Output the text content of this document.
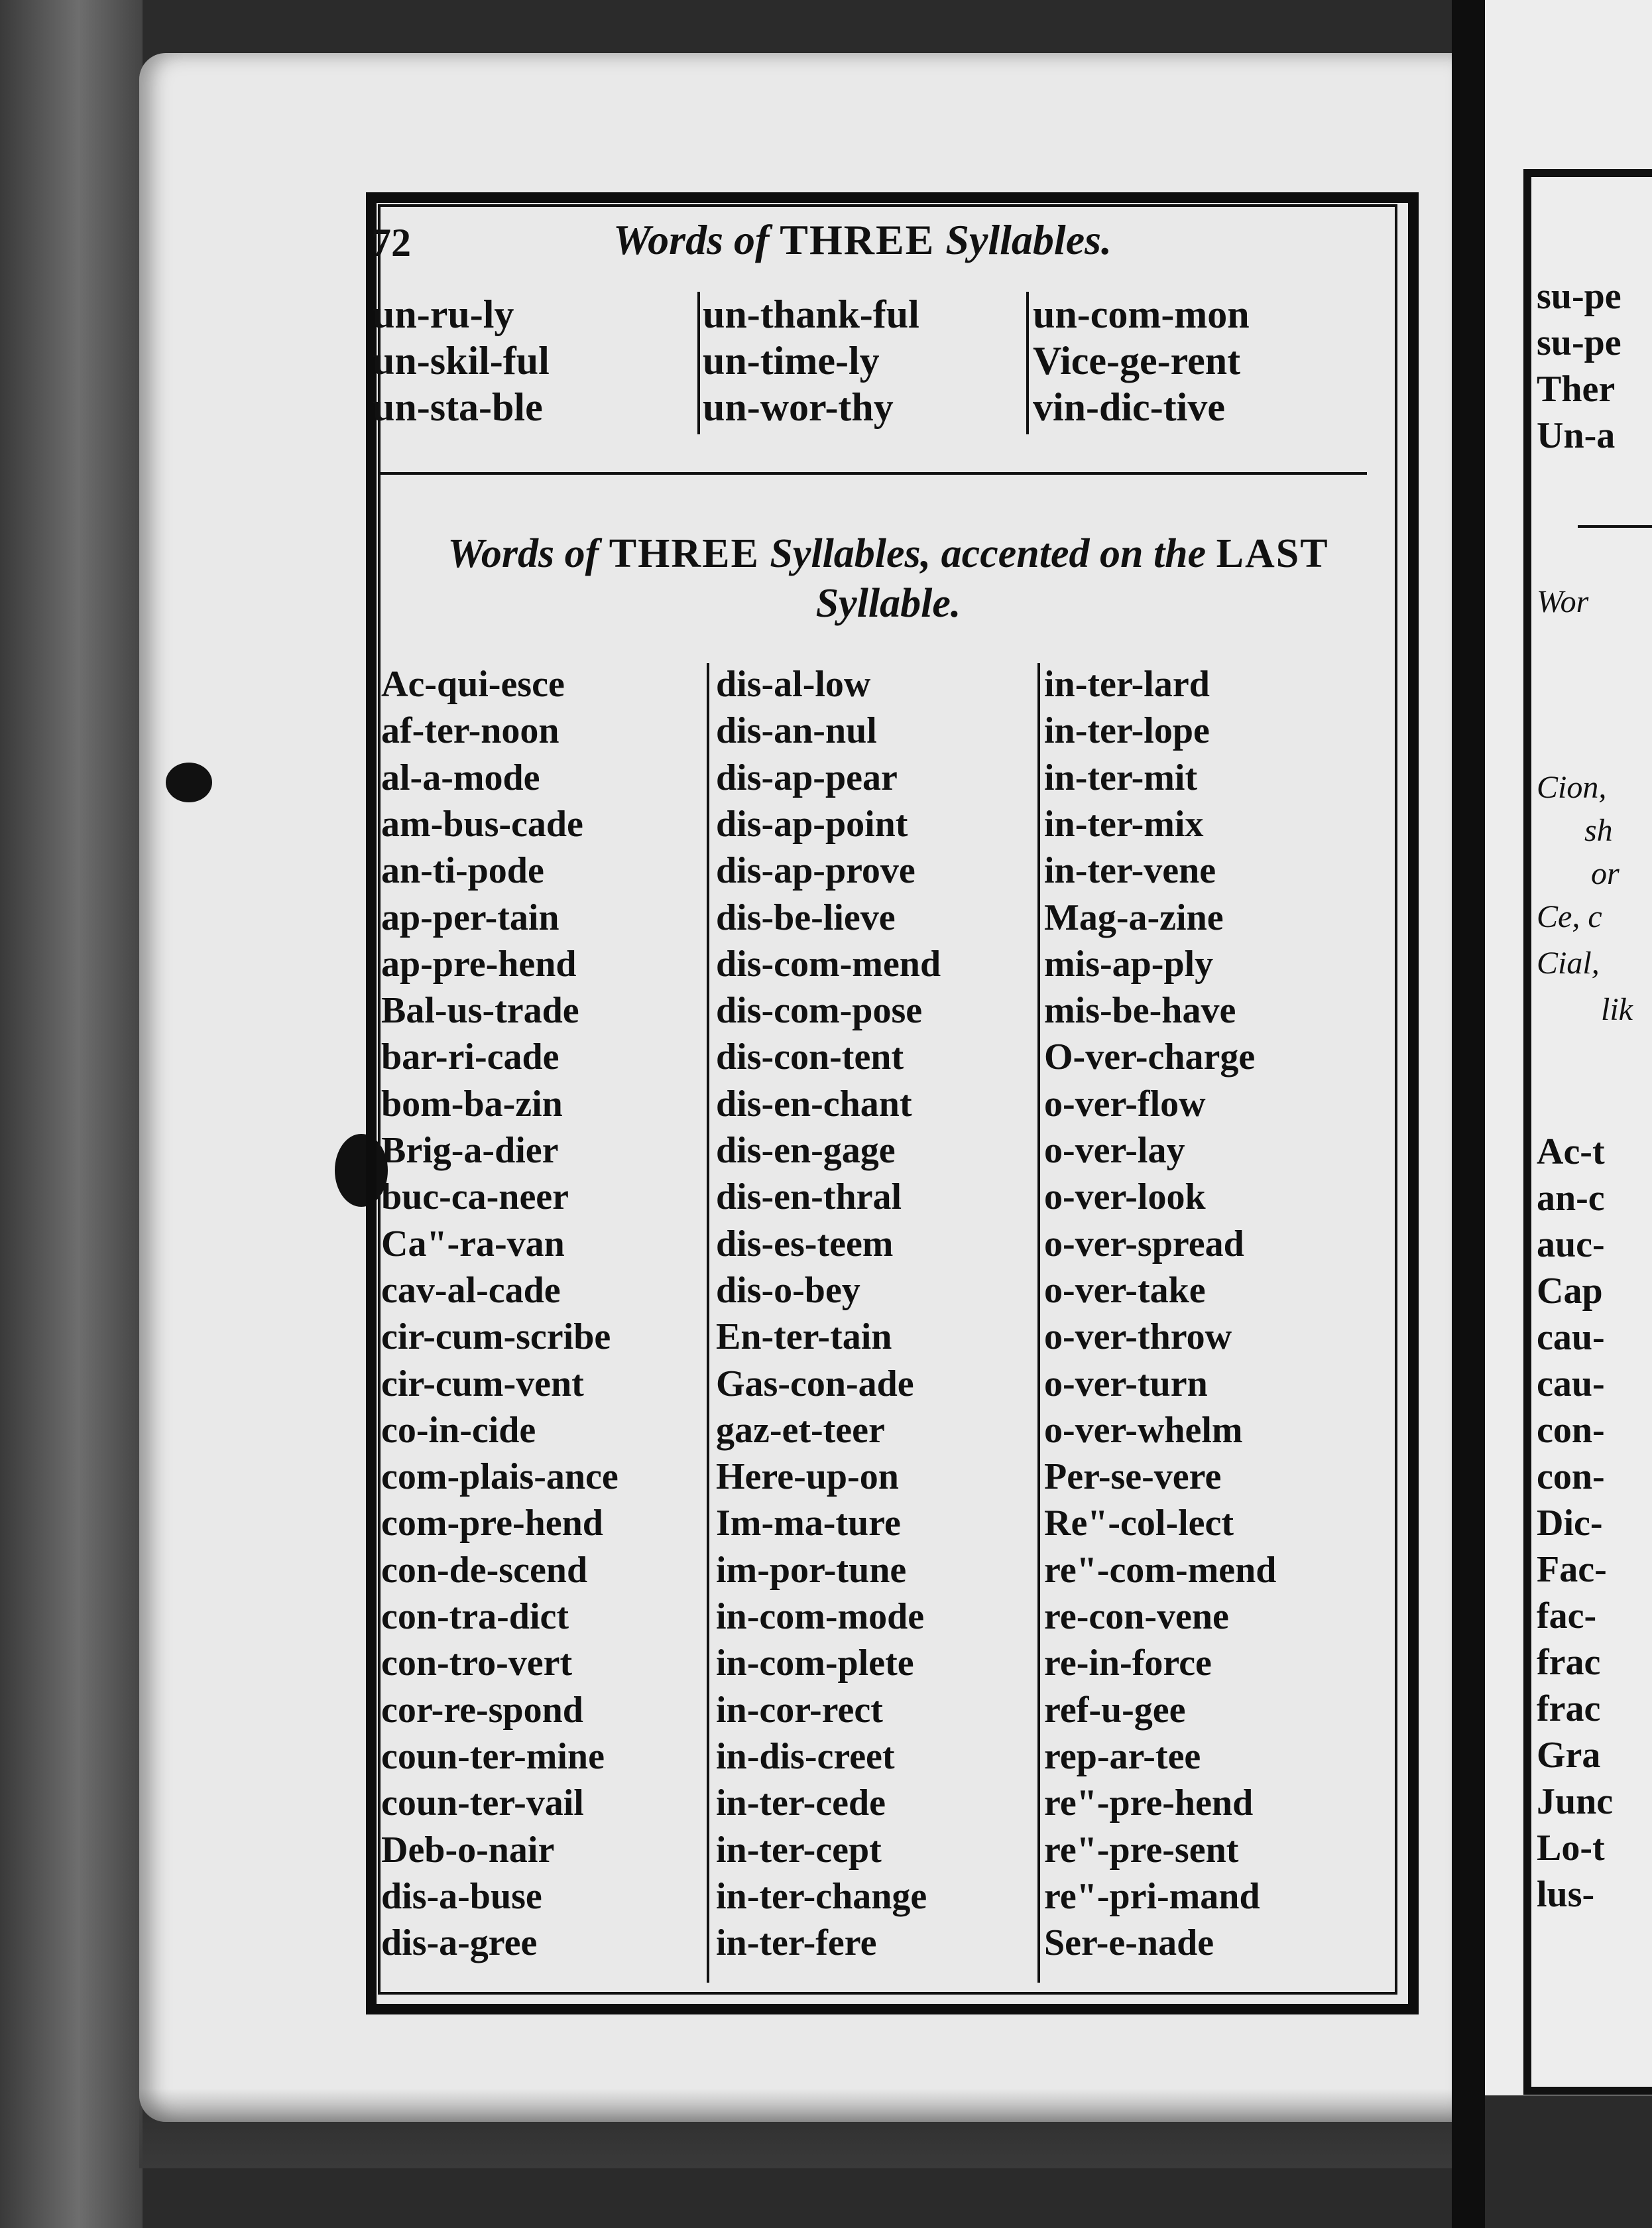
su-pe
su-pe
Ther
Un-a
Wor
Cion,
sh
or
Ce, c
Cial,
lik
Ac-t
an-c
auc-
Cap
cau-
cau-
con-
con-
Dic-
Fac-
fac-
frac
frac
Gra
Junc
Lo-t
lus-
72	Words of THREE Syllables.
un-ru-ly
un-skil-ful
un-sta-ble
un-thank-ful
un-time-ly
un-wor-thy
un-com-mon
Vice-ge-rent
vin-dic-tive
Words of THREE Syllables, accented on the LAST
Syllable.
Ac-qui-esce
af-ter-noon
al-a-mode
am-bus-cade
an-ti-pode
ap-per-tain
ap-pre-hend
Bal-us-trade
bar-ri-cade
bom-ba-zin
Brig-a-dier
buc-ca-neer
Ca"-ra-van
cav-al-cade
cir-cum-scribe
cir-cum-vent
co-in-cide
com-plais-ance
com-pre-hend
con-de-scend
con-tra-dict
con-tro-vert
cor-re-spond
coun-ter-mine
coun-ter-vail
Deb-o-nair
dis-a-buse
dis-a-gree
dis-al-low
dis-an-nul
dis-ap-pear
dis-ap-point
dis-ap-prove
dis-be-lieve
dis-com-mend
dis-com-pose
dis-con-tent
dis-en-chant
dis-en-gage
dis-en-thral
dis-es-teem
dis-o-bey
En-ter-tain
Gas-con-ade
gaz-et-teer
Here-up-on
Im-ma-ture
im-por-tune
in-com-mode
in-com-plete
in-cor-rect
in-dis-creet
in-ter-cede
in-ter-cept
in-ter-change
in-ter-fere
in-ter-lard
in-ter-lope
in-ter-mit
in-ter-mix
in-ter-vene
Mag-a-zine
mis-ap-ply
mis-be-have
O-ver-charge
o-ver-flow
o-ver-lay
o-ver-look
o-ver-spread
o-ver-take
o-ver-throw
o-ver-turn
o-ver-whelm
Per-se-vere
Re"-col-lect
re"-com-mend
re-con-vene
re-in-force
ref-u-gee
rep-ar-tee
re"-pre-hend
re"-pre-sent
re"-pri-mand
Ser-e-nade
